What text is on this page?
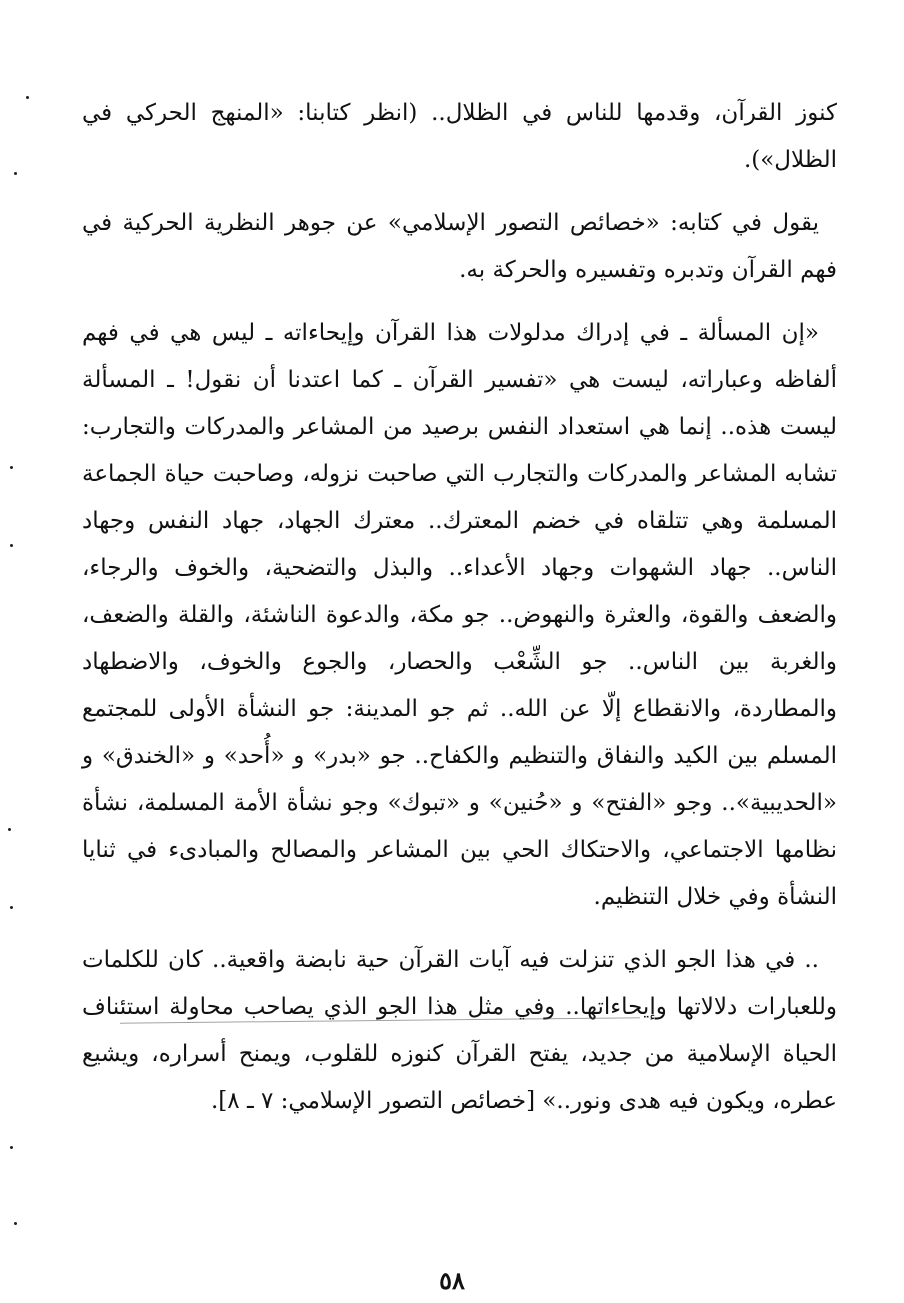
كنوز القرآن، وقدمها للناس في الظلال.. (انظر كتابنا: «المنهج الحركي في الظلال»).

يقول في كتابه: «خصائص التصور الإسلامي» عن جوهر النظرية الحركية في فهم القرآن وتدبره وتفسيره والحركة به.

«إن المسألة ـ في إدراك مدلولات هذا القرآن وإيحاءاته ـ ليس هي في فهم ألفاظه وعباراته، ليست هي «تفسير القرآن ـ كما اعتدنا أن نقول! ـ المسألة ليست هذه.. إنما هي استعداد النفس برصيد من المشاعر والمدركات والتجارب: تشابه المشاعر والمدركات والتجارب التي صاحبت نزوله، وصاحبت حياة الجماعة المسلمة وهي تتلقاه في خضم المعترك.. معترك الجهاد، جهاد النفس وجهاد الناس.. جهاد الشهوات وجهاد الأعداء.. والبذل والتضحية، والخوف والرجاء، والضعف والقوة، والعثرة والنهوض.. جو مكة، والدعوة الناشئة، والقلة والضعف، والغربة بين الناس.. جو الشِّعْب والحصار، والجوع والخوف، والاضطهاد والمطاردة، والانقطاع إلّا عن الله.. ثم جو المدينة: جو النشأة الأولى للمجتمع المسلم بين الكيد والنفاق والتنظيم والكفاح.. جو «بدر» و «أُحد» و «الخندق» و «الحديبية».. وجو «الفتح» و «حُنين» و «تبوك» وجو نشأة الأمة المسلمة، نشأة نظامها الاجتماعي، والاحتكاك الحي بين المشاعر والمصالح والمبادىء في ثنايا النشأة وفي خلال التنظيم.

.. في هذا الجو الذي تنزلت فيه آيات القرآن حية نابضة واقعية.. كان للكلمات وللعبارات دلالاتها وإيحاءاتها.. وفي مثل هذا الجو الذي يصاحب محاولة استئناف الحياة الإسلامية من جديد، يفتح القرآن كنوزه للقلوب، ويمنح أسراره، ويشيع عطره، ويكون فيه هدى ونور..» [خصائص التصور الإسلامي: ٧ ـ ٨].

٥٨
